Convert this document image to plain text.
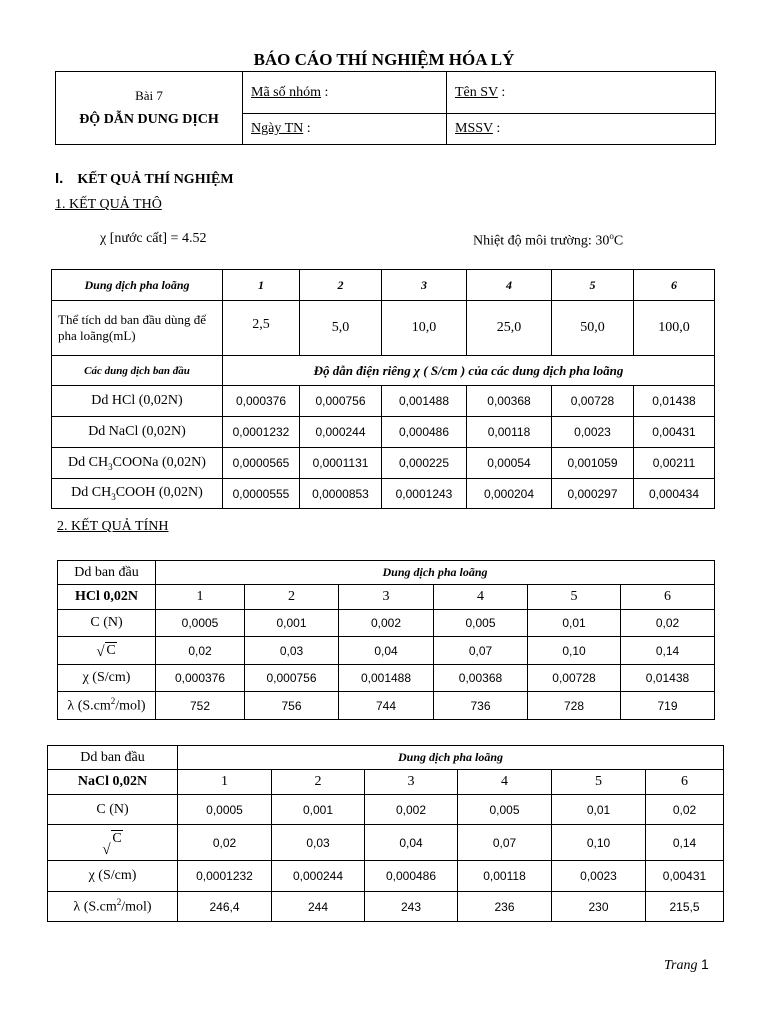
BÁO CÁO THÍ NGHIỆM HÓA LÝ
Bài 7
ĐỘ DẪN DUNG DỊCH	Mã số nhóm :	Tên SV :
	Ngày TN :	MSSV :
I. KẾT QUẢ THÍ NGHIỆM
1. KẾT QUẢ THÔ
χ [nước cất] = 4.52	Nhiệt độ môi trường: 30$^o$C
Dung dịch pha loãng	1	2	3	4	5	6
Thể tích dd ban đầu dùng để pha loãng(mL)	2,5	5,0	10,0	25,0	50,0	100,0
Các dung dịch ban đầu	Độ dẫn điện riêng χ ( S/cm ) của các dung dịch pha loãng					
Dd HCl (0,02N)	0,000376	0,000756	0,001488	0,00368	0,00728	0,01438
Dd NaCl (0,02N)	0,0001232	0,000244	0,000486	0,00118	0,0023	0,00431
Dd $CH_3COONa$ (0,02N)	0,0000565	0,0001131	0,000225	0,00054	0,001059	0,00211
Dd $CH_3COOH$ (0,02N)	0,0000555	0,0000853	0,0001243	0,000204	0,000297	0,000434
2. KẾT QUẢ TÍNH
Dd ban đầu	Dung dịch pha loãng					
HCl 0,02N	1	2	3	4	5	6
C (N)	0,0005	0,001	0,002	0,005	0,01	0,02

√ C	0,02	0,03	0,04	0,07	0,10	0,14
χ (S/cm)	0,000376	0,000756	0,001488	0,00368	0,00728	0,01438
λ $(S.cm^2/mol)$	752	756	744	736	728	719
Dd ban đầu	Dung dịch pha loãng					
NaCl 0,02N	1	2	3	4	5	6
C (N)	0,0005	0,001	0,002	0,005	0,01	0,02

√
C	0,02	0,03	0,04	0,07	0,10	0,14
χ (S/cm)	0,0001232	0,000244	0,000486	0,00118	0,0023	0,00431
λ $(S.cm^2/mol)$	246,4	244	243	236	230	215,5
Trang 1
